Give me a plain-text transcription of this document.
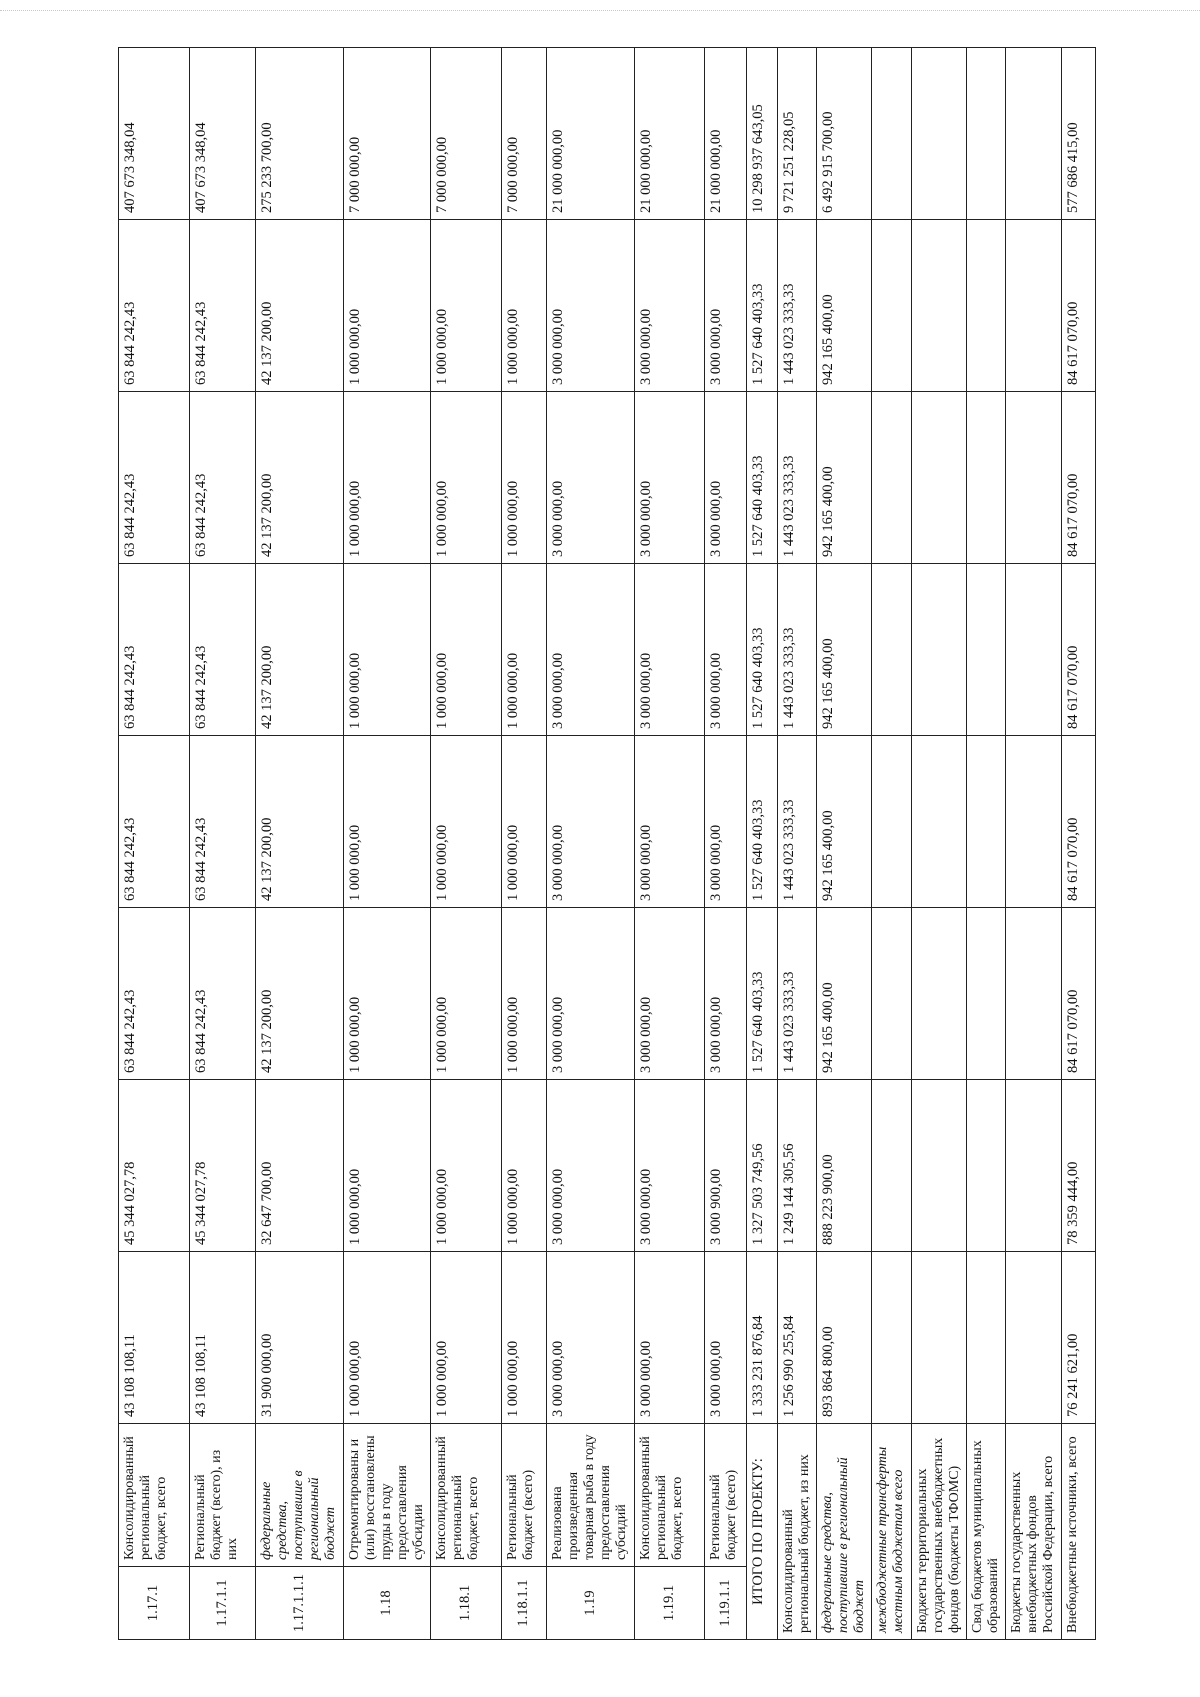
1.17.1	Консолидированный региональный бюджет, всего	43 108 108,11	45 344 027,78	63 844 242,43	63 844 242,43	63 844 242,43	63 844 242,43	63 844 242,43	407 673 348,04
1.17.1.1	Региональный бюджет (всего), из них	43 108 108,11	45 344 027,78	63 844 242,43	63 844 242,43	63 844 242,43	63 844 242,43	63 844 242,43	407 673 348,04
1.17.1.1.1	федеральные средства, поступившие в региональный бюджет	31 900 000,00	32 647 700,00	42 137 200,00	42 137 200,00	42 137 200,00	42 137 200,00	42 137 200,00	275 233 700,00
1.18	Отремонтированы и (или) восстановлены пруды в году предоставления субсидии	1 000 000,00	1 000 000,00	1 000 000,00	1 000 000,00	1 000 000,00	1 000 000,00	1 000 000,00	7 000 000,00
1.18.1	Консолидированный региональный бюджет, всего	1 000 000,00	1 000 000,00	1 000 000,00	1 000 000,00	1 000 000,00	1 000 000,00	1 000 000,00	7 000 000,00
1.18.1.1	Региональный бюджет (всего)	1 000 000,00	1 000 000,00	1 000 000,00	1 000 000,00	1 000 000,00	1 000 000,00	1 000 000,00	7 000 000,00
1.19	Реализована произведенная товарная рыба в году предоставления субсидий	3 000 000,00	3 000 000,00	3 000 000,00	3 000 000,00	3 000 000,00	3 000 000,00	3 000 000,00	21 000 000,00
1.19.1	Консолидированный региональный бюджет, всего	3 000 000,00	3 000 000,00	3 000 000,00	3 000 000,00	3 000 000,00	3 000 000,00	3 000 000,00	21 000 000,00
1.19.1.1	Региональный бюджет (всего)	3 000 000,00	3 000 900,00	3 000 000,00	3 000 000,00	3 000 000,00	3 000 000,00	3 000 000,00	21 000 000,00
ИТОГО ПО ПРОЕКТУ:		1 333 231 876,84	1 327 503 749,56	1 527 640 403,33	1 527 640 403,33	1 527 640 403,33	1 527 640 403,33	1 527 640 403,33	10 298 937 643,05
Консолидированный региональный бюджет, из них		1 256 990 255,84	1 249 144 305,56	1 443 023 333,33	1 443 023 333,33	1 443 023 333,33	1 443 023 333,33	1 443 023 333,33	9 721 251 228,05
федеральные средства, поступившие в региональный бюджет		893 864 800,00	888 223 900,00	942 165 400,00	942 165 400,00	942 165 400,00	942 165 400,00	942 165 400,00	6 492 915 700,00
межбюджетные трансферты местным бюджетам всего									
Бюджеты территориальных государственных внебюджетных фондов (бюджеты ТФОМС)									
Свод бюджетов муниципальных образований									
Бюджеты государственных внебюджетных фондов Российской Федерации, всего									
Внебюджетные источники, всего		76 241 621,00	78 359 444,00	84 617 070,00	84 617 070,00	84 617 070,00	84 617 070,00	84 617 070,00	577 686 415,00
